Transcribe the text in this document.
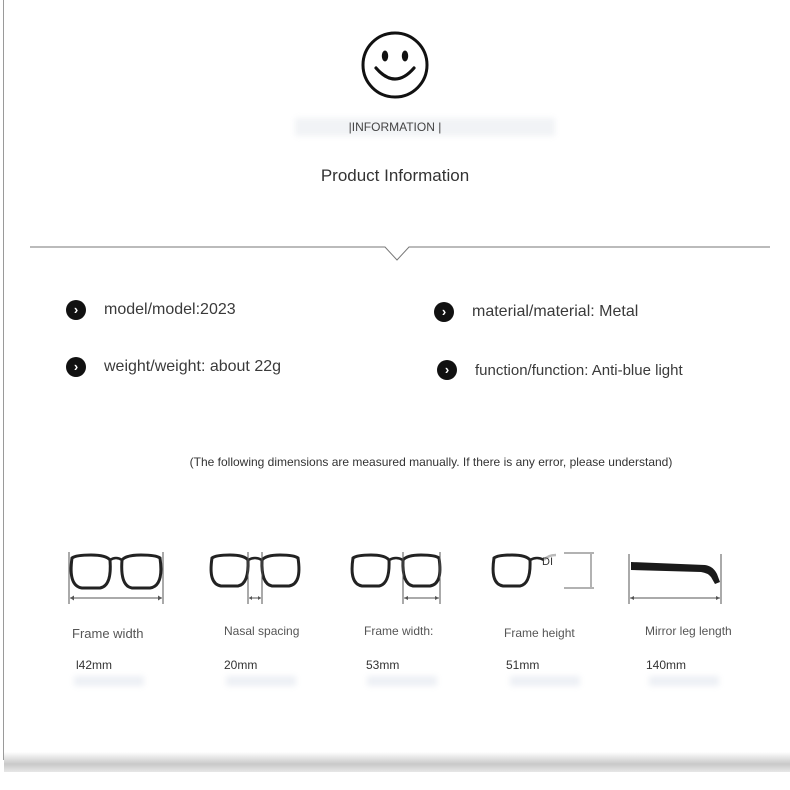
|INFORMATION |
Product Information
›	model/model:2023	›	material/material: Metal
›	weight/weight: about 22g	›	function/function: Anti-blue light
(The following dimensions are measured manually. If there is any error, please understand)
Frame width
l42mm
Nasal spacing
20mm
Frame width:
53mm
DI
Frame height
51mm
Mirror leg length
140mm
